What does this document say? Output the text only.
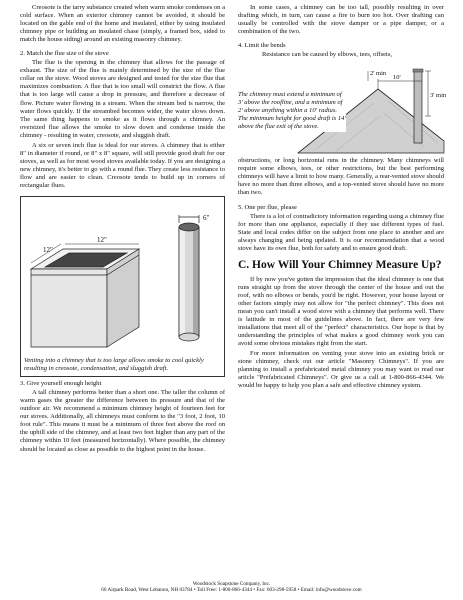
Creosote is the tarry substance created when warm smoke condenses on a cold surface. When an exterior chimney cannot be avoided, it should be located on the gable end of the home and insulated, either by using insulated chimney pipe or building an insulated chase (simply, a framed box, sided to match the house siding) around an existing masonry chimney.

2. Match the flue size of the stove

The flue is the opening in the chimney that allows for the passage of exhaust. The size of the flue is mainly determined by the size of the flue collar on the stove. Wood stoves are designed and tested for the size flue that maximizes combustion. A flue that is too small will constrict the flow. A flue that is too large will cause a drop in pressure, and therefore a decrease of flow. Picture water flowing in a stream. When the stream bed is narrow, the water flows quickly. If the streambed becomes wider, the water slows down. The same thing happens to smoke as it flows through a chimney. An oversized flue allows the smoke to slow down and condense inside the chimney - resulting in water, creosote, and sluggish draft.

A six or seven inch flue is ideal for our stoves. A chimney that is either 8" in diameter if round, or 8" x 8" square, will still provide good draft for our stoves, as well as for most wood stoves available today. If you are designing a new chimney, it's better to go with a round flue. They create less resistance to flow and are easier to clean. Creosote tends to build up in corners of rectangular flues.

12"
12"
6"
Venting into a chimney that is too large allows smoke to cool quickly resulting in creosote, condensation, and sluggish draft.
3. Give yourself enough height

A tall chimney performs better than a short one. The taller the column of warm gases the greater the difference between its pressure and that of the outdoor air. We recommend a minimum chimney height of fourteen feet for our stoves. Additionally, all chimneys must conform to the "3 foot, 2 foot, 10 foot rule". This means it must be a minimum of three feet above the roof on the uphill side of the chimney, and at least two feet higher than any part of the chimney within 10 feet (measured horizontally). Where possible, the chimney should be located as close as possible to the highest point in the house.

In some cases, a chimney can be too tall, possibly resulting in over drafting which, in turn, can cause a fire to burn too hot. Over drafting can usually be controlled with the stove damper or a pipe damper, or a combination of the two.

4. Limit the bends

Resistance can be caused by elbows, tees, offsets,

2' min
10'
3' min
The chimney must extend a minimum of 3' above the roofline, and a minimum of 2' above anything within a 10' radius. The minimum height for good draft is 14' above the flue exit of the stove.

obstructions, or long horizontal runs in the chimney. Many chimneys will require some elbows, tees, or other restrictions, but the best performing chimneys will have a limit to how many. Generally, a rear-vented stove should have no more than three elbows, and a top-vented stove should have no more than two.

5. One per flue, please

There is a lot of contradictory information regarding using a chimney flue for more than one appliance, especially if they use different types of fuel. State and local codes differ on the subject from one place to another and are always changing and being updated. It is our recommendation that a wood stove have its own flue, both for safety and to ensure good draft.

C. How Will Your Chimney Measure Up?

If by now you've gotten the impression that the ideal chimney is one that runs straight up from the stove through the center of the house and out the roof, with no elbows or bends, you'd be right. However, your house layout or other factors simply may not allow for "the perfect chimney". This does not mean you can't install a wood stove with a chimney that performs well. There is latitude in most of the guidelines above. In fact, there are very few installations that meet all of the "perfect" characteristics. Our hope is that by understanding the principles of what makes a good chimney work you can avoid some obvious mistakes right from the start.

For more information on venting your stove into an existing brick or stone chimney, check out our article "Masonry Chimneys". If you are planning to install a prefabricated metal chimney you may want to read our article "Prefabricated Chimneys". Or give us a call at 1-800-866-4344. We would be happy to help you plan a safe and effective chimney system.

Woodstock Soapstone Company, Inc.
66 Airpark Road, West Lebanon, NH 03784 • Toll Free: 1-800-866-4344 • Fax: 603-298-5958 • Email: info@woodstove.com
